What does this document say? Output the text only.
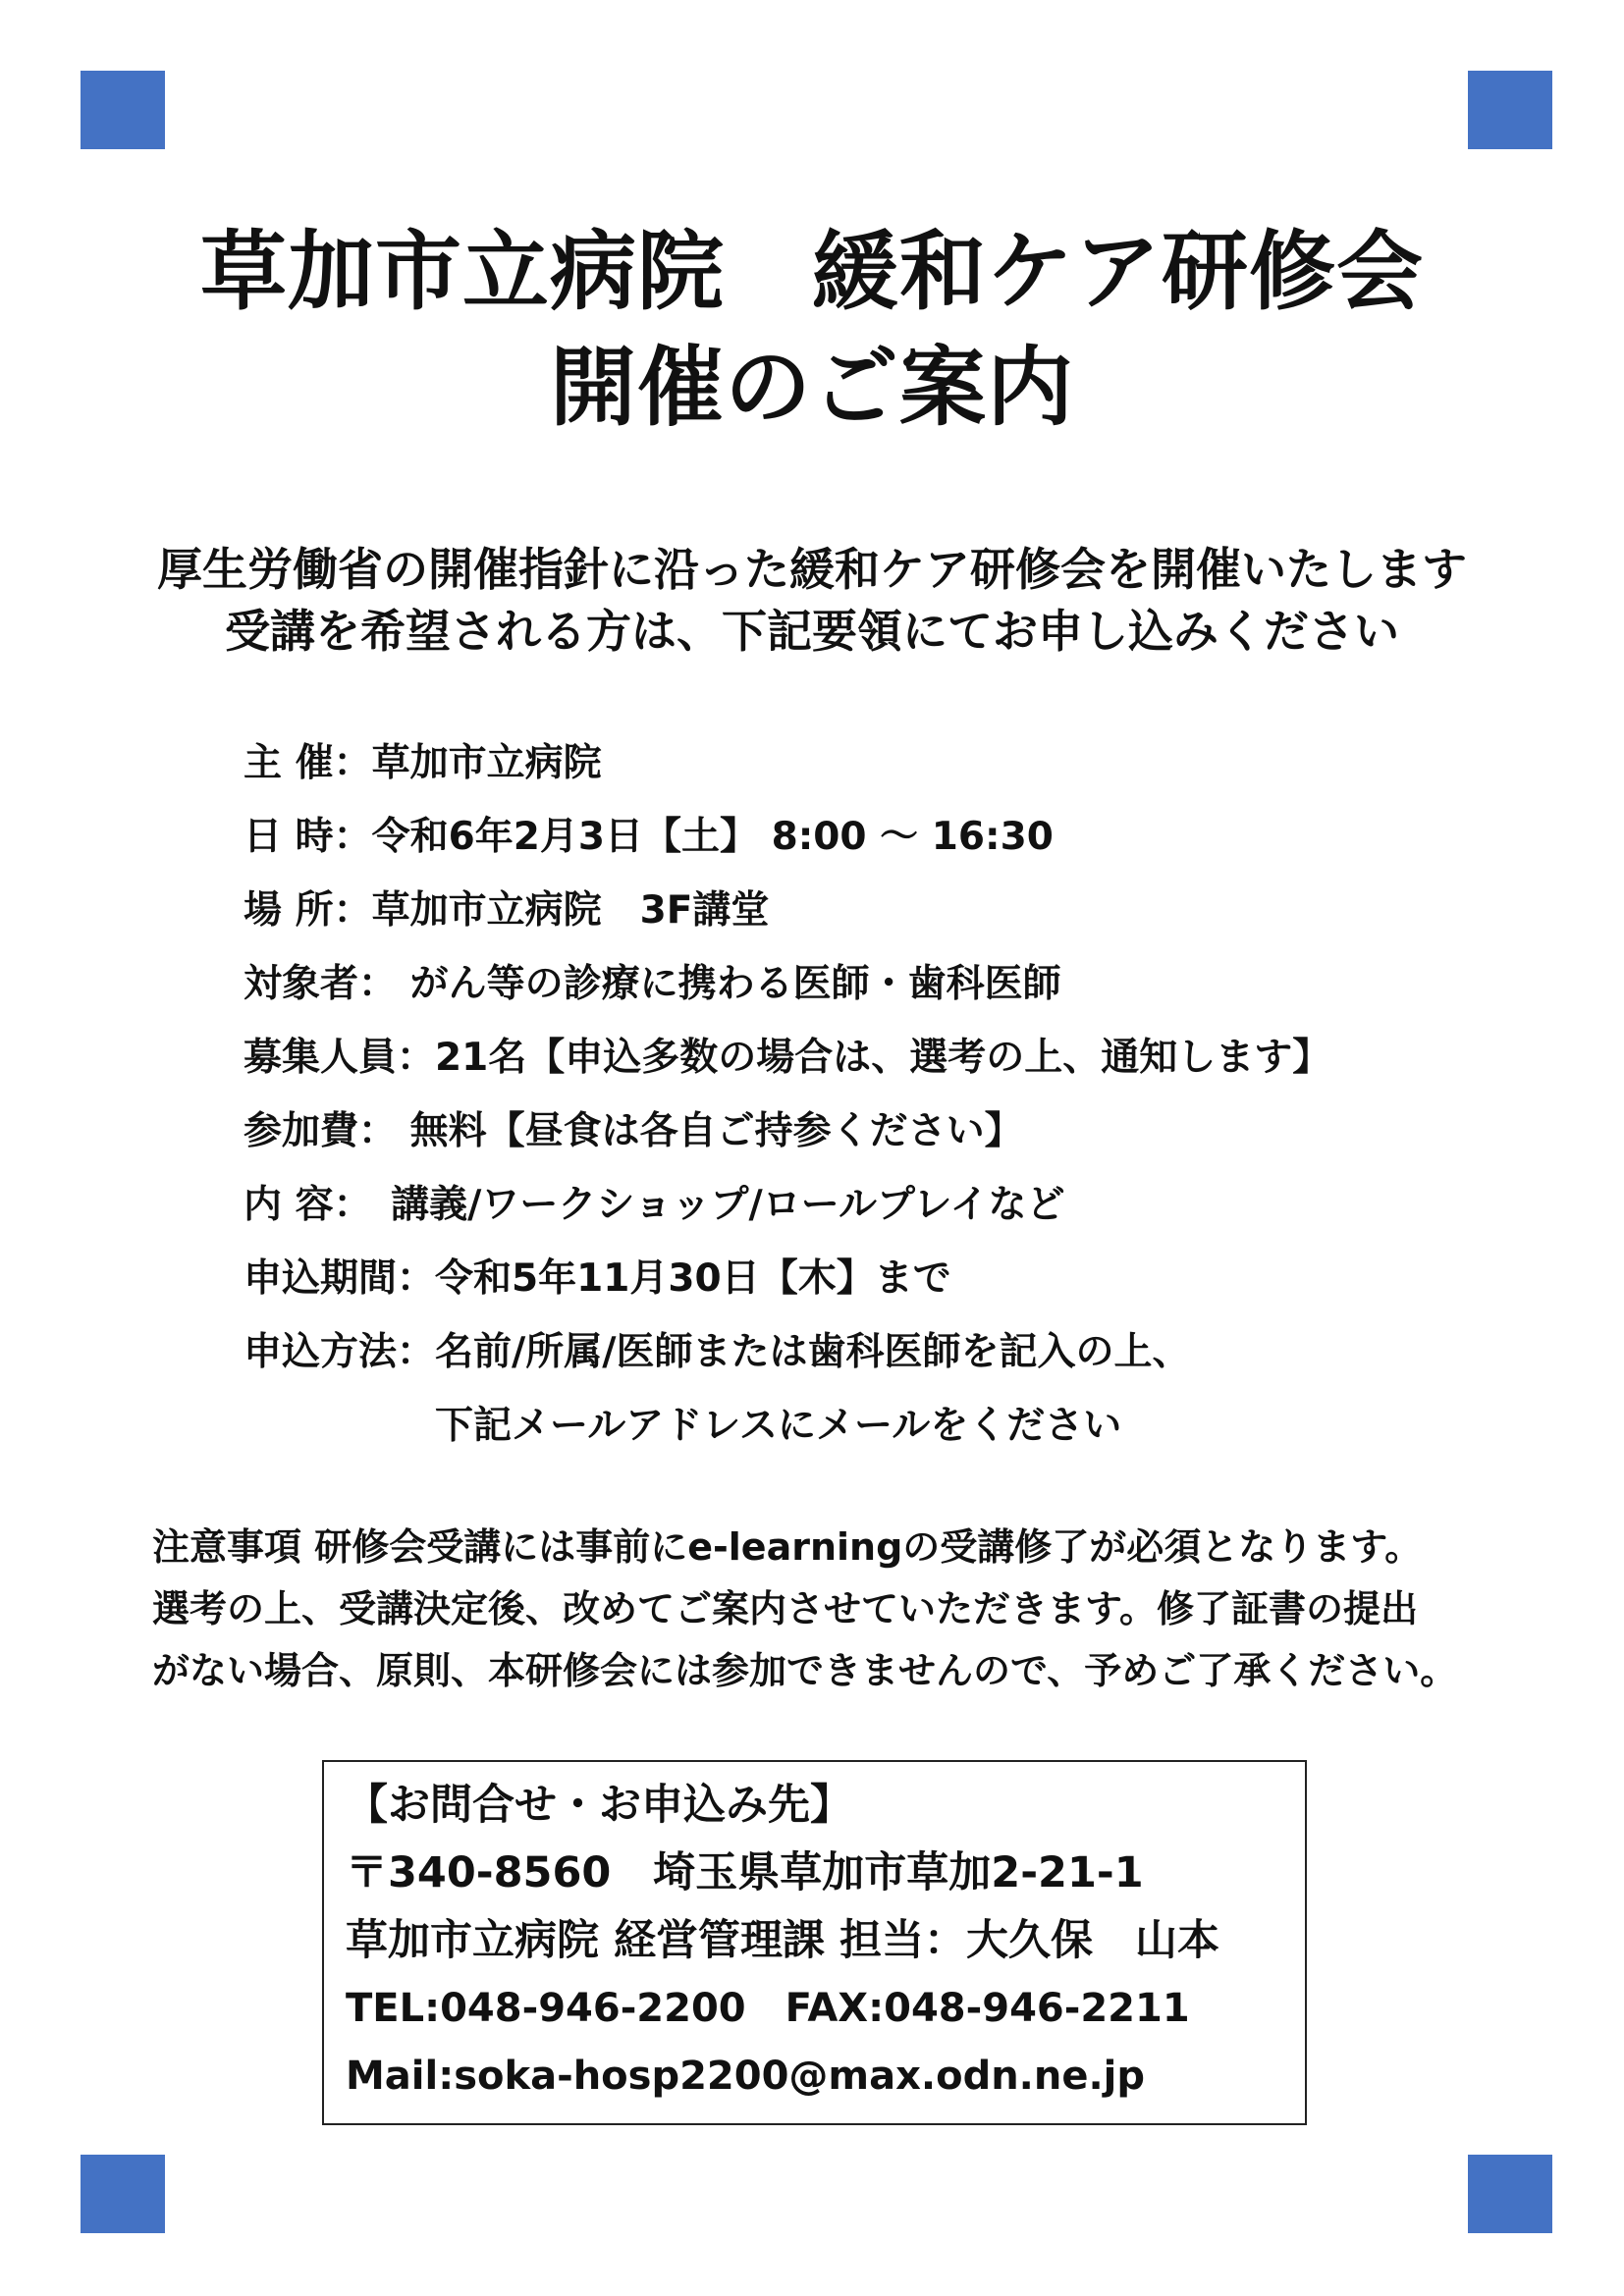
草加市立病院　緩和ケア研修会
開催のご案内
厚生労働省の開催指針に沿った緩和ケア研修会を開催いたします
受講を希望される方は、下記要領にてお申し込みください
主 催：草加市立病院
日 時：令和6年2月3日【土】 8:00 ～ 16:30
場 所：草加市立病院　3F講堂
対象者： がん等の診療に携わる医師・歯科医師
募集人員：21名【申込多数の場合は、選考の上、通知します】
参加費： 無料【昼食は各自ご持参ください】
内 容：　講義/ワークショップ/ロールプレイなど
申込期間：令和5年11月30日【木】まで
申込方法：名前/所属/医師または歯科医師を記入の上、
下記メールアドレスにメールをください
注意事項 研修会受講には事前にe-learningの受講修了が必須となります。
選考の上、受講決定後、改めてご案内させていただきます。修了証書の提出
がない場合、原則、本研修会には参加できませんので、予めご了承ください。
【お問合せ・お申込み先】
〒340-8560　埼玉県草加市草加2-21-1
草加市立病院 経営管理課 担当：大久保　山本
TEL:048-946-2200　FAX:048-946-2211
Mail:soka-hosp2200@max.odn.ne.jp
